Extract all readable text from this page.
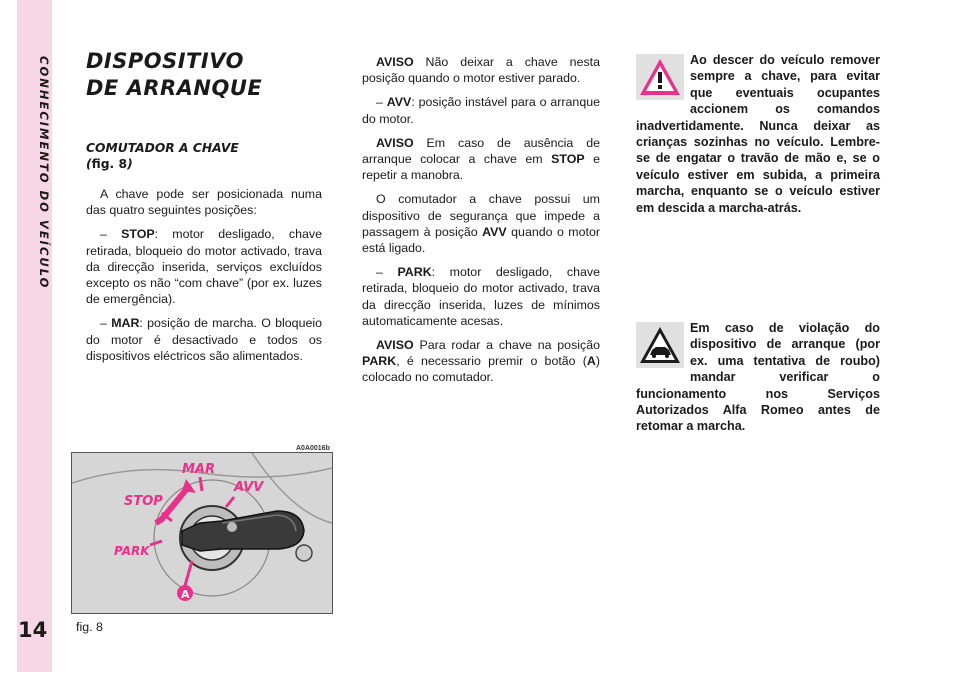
CONHECIMENTO DO VEÍCULO
14
DISPOSITIVO
DE ARRANQUE
COMUTADOR A CHAVE
(fig. 8)

A chave pode ser posicionada numa das quatro seguintes posições:

– STOP: motor desligado, chave retirada, bloqueio do motor activado, trava da direcção inserida, serviços excluídos excepto os não “com chave” (por ex. luzes de emergência).

– MAR: posição de marcha. O bloqueio do motor é desactivado e todos os dispositivos eléctricos são alimentados.

AVISO Não deixar a chave nesta posição quando o motor estiver parado.

– AVV: posição instável para o arranque do motor.

AVISO Em caso de ausência de arranque colocar a chave em STOP e repetir a manobra.

O comutador a chave possui um dispositivo de segurança que impede a passagem à posição AVV quando o motor está ligado.

– PARK: motor desligado, chave retirada, bloqueio do motor activado, trava da direcção inserida, luzes de mínimos automaticamente acesas.

AVISO Para rodar a chave na posição PARK, é necessario premir o botão (A) colocado no comutador.

Ao descer do veículo remover sempre a chave, para evitar que eventuais ocupantes accionem os comandos inadvertidamente. Nunca deixar as crianças sozinhas no veículo. Lembre-se de engatar o travão de mão e, se o veículo estiver em subida, a primeira marcha, enquanto se o veículo estiver em descida a marcha-atrás.
Em caso de violação do dispositivo de arranque (por ex. uma tentativa de roubo) mandar verificar o funcionamento nos Serviços Autorizados Alfa Romeo antes de retomar a marcha.
A0A0016b
MAR
AVV
STOP
PARK
A
fig. 8
